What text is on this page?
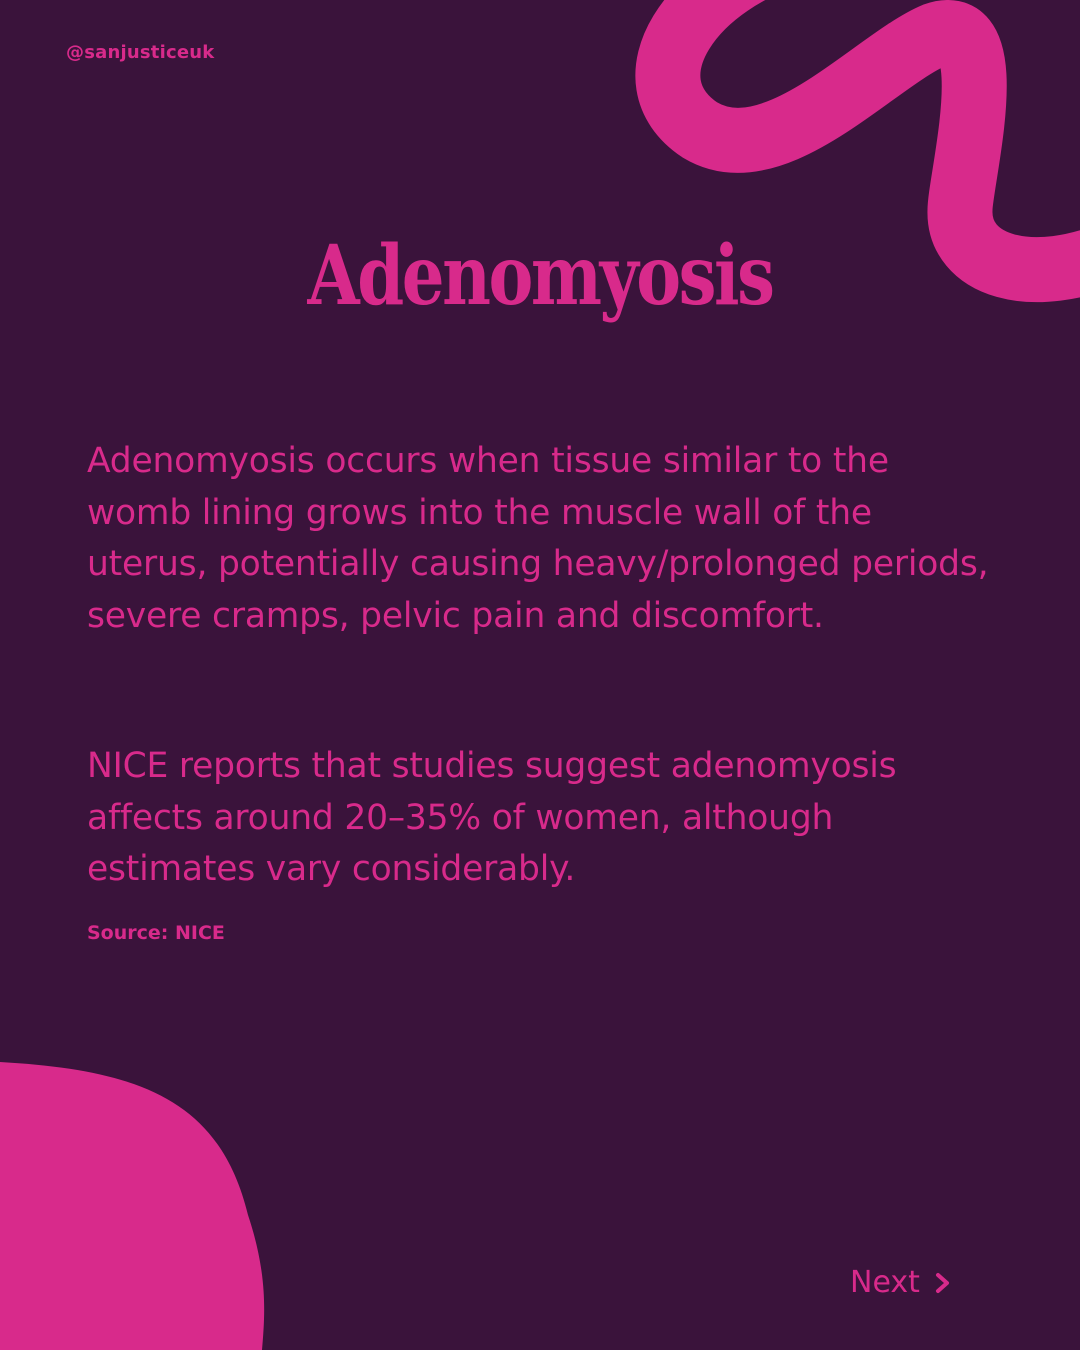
@sanjusticeuk
Adenomyosis

Adenomyosis occurs when tissue similar to the womb lining grows into the muscle wall of the uterus, potentially causing heavy/prolonged periods, severe cramps, pelvic pain and discomfort.

NICE reports that studies suggest adenomyosis affects around 20–35% of women, although estimates vary considerably.

Source: NICE
Next
